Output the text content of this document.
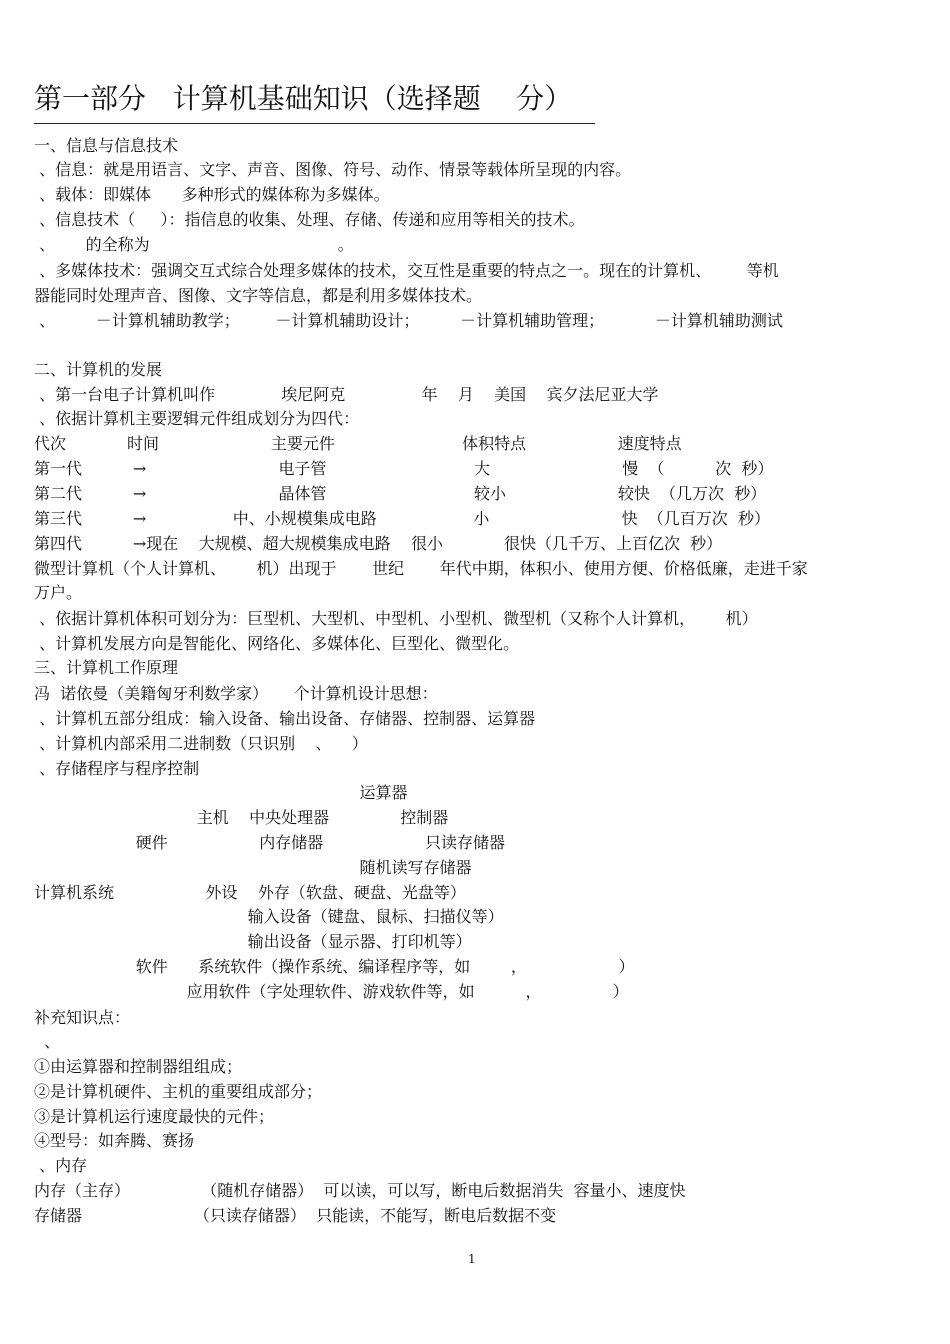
第一部分   计算机基础知识（选择题    分）
一、信息与信息技术
、信息：就是用语言、文字、声音、图像、符号、动作、情景等载体所呈现的内容。
、载体：即媒体      多种形式的媒体称为多媒体。
、信息技术（     ）：指信息的收集、处理、存储、传递和应用等相关的技术。
、      的全称为                                     。
、多媒体技术：强调交互式综合处理多媒体的技术，交互性是重要的特点之一。现在的计算机、       等机
器能同时处理声音、图像、文字等信息，都是利用多媒体技术。
、        －计算机辅助教学；       －计算机辅助设计；        －计算机辅助管理；          －计算机辅助测试
二、计算机的发展
、第一台电子计算机叫作             埃尼阿克               年    月    美国    宾夕法尼亚大学
、依据计算机主要逻辑元件组成划分为四代：
代次            时间                      主要元件                         体积特点                  速度特点
第一代          →                          电子管                             大                          慢  （          次  秒）
第二代          →                          晶体管                             较小                      较快  （几万次  秒）
第三代          →                 中、小规模集成电路                   小                          快  （几百万次  秒）
第四代          →现在    大规模、超大规模集成电路    很小            很快（几千万、上百亿次  秒）
微型计算机（个人计算机、      机）出现于       世纪       年代中期，体积小、使用方便、价格低廉，走进千家
万户。
、依据计算机体积可划分为：巨型机、大型机、中型机、小型机、微型机（又称个人计算机，      机）
、计算机发展方向是智能化、网络化、多媒体化、巨型化、微型化。
三、计算机工作原理
冯  诺依曼（美籍匈牙利数学家）     个计算机设计思想：
、计算机五部分组成：输入设备、输出设备、存储器、控制器、运算器
、计算机内部采用二进制数（只识别    、    ）
、存储程序与程序控制
运算器
主机    中央处理器              控制器
硬件                  内存储器                    只读存储器
随机读写存储器
计算机系统                  外设    外存（软盘、硬盘、光盘等）
输入设备（键盘、鼠标、扫描仪等）
输出设备（显示器、打印机等）
软件      系统软件（操作系统、编译程序等，如        ，                  ）
应用软件（字处理软件、游戏软件等，如          ，              ）
补充知识点：
、
①由运算器和控制器组组成；
②是计算机硬件、主机的重要组成部分；
③是计算机运行速度最快的元件；
④型号：如奔腾、赛扬
、内存
内存（主存）              （随机存储器）  可以读，可以写，断电后数据消失  容量小、速度快
存储器                      （只读存储器）  只能读，不能写，断电后数据不变
1
